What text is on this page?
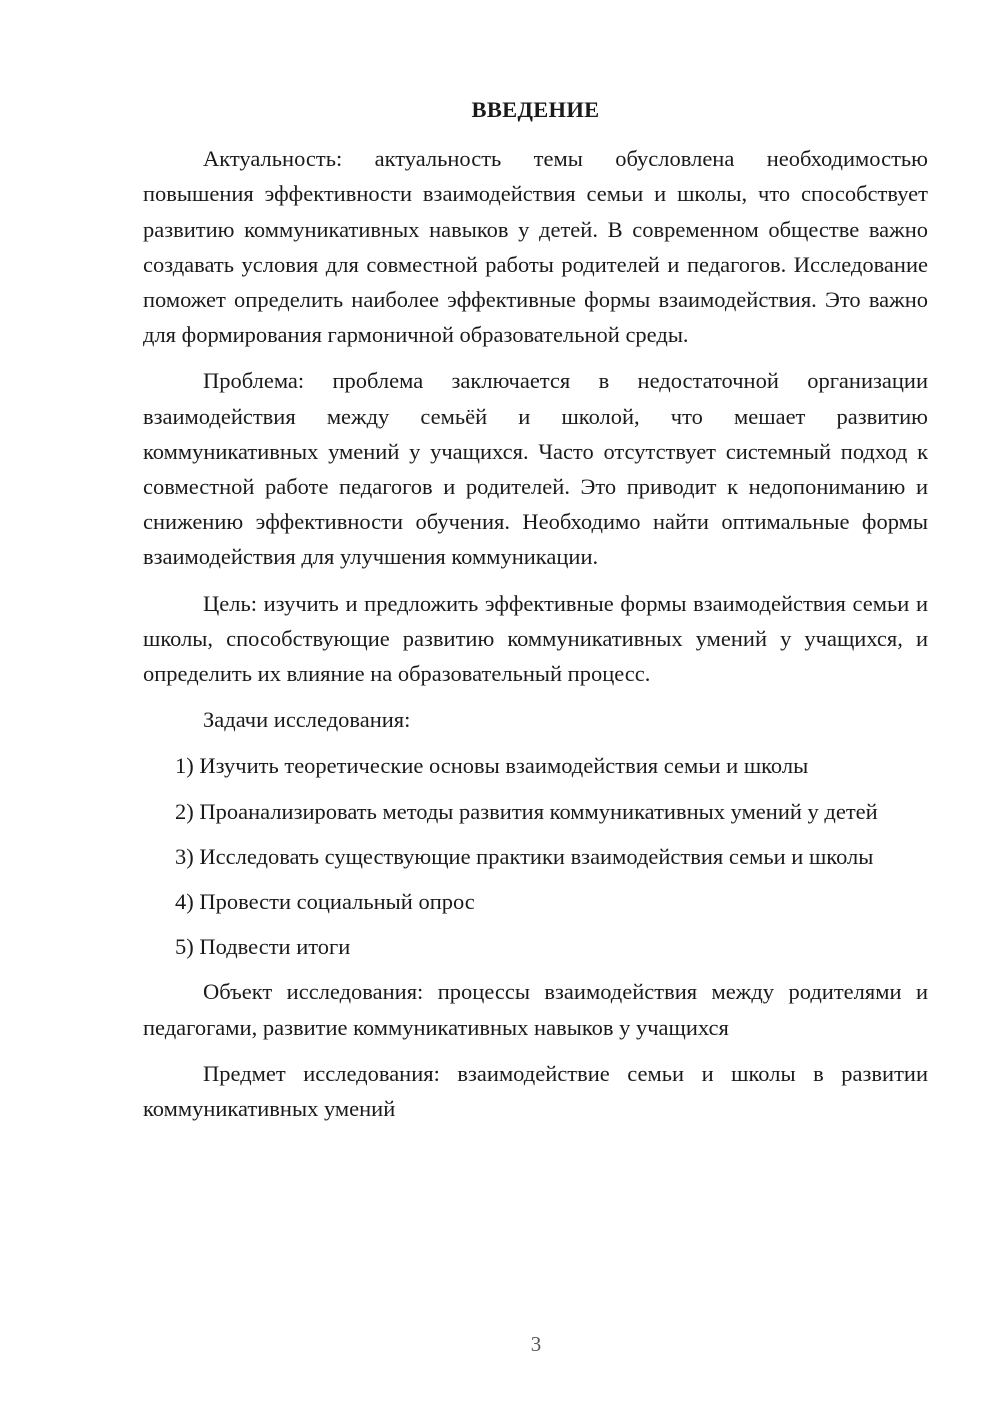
ВВЕДЕНИЕ

Актуальность: актуальность темы обусловлена необходимостью повышения эффективности взаимодействия семьи и школы, что способствует развитию коммуникативных навыков у детей. В современном обществе важно создавать условия для совместной работы родителей и педагогов. Исследование поможет определить наиболее эффективные формы взаимодействия. Это важно для формирования гармоничной образовательной среды.

Проблема: проблема заключается в недостаточной организации взаимодействия между семьёй и школой, что мешает развитию коммуникативных умений у учащихся. Часто отсутствует системный подход к совместной работе педагогов и родителей. Это приводит к недопониманию и снижению эффективности обучения. Необходимо найти оптимальные формы взаимодействия для улучшения коммуникации.

Цель: изучить и предложить эффективные формы взаимодействия семьи и школы, способствующие развитию коммуникативных умений у учащихся, и определить их влияние на образовательный процесс.

Задачи исследования:

1) Изучить теоретические основы взаимодействия семьи и школы

2) Проанализировать методы развития коммуникативных умений у детей

3) Исследовать существующие практики взаимодействия семьи и школы

4) Провести социальный опрос

5) Подвести итоги

Объект исследования: процессы взаимодействия между родителями и педагогами, развитие коммуникативных навыков у учащихся

Предмет исследования: взаимодействие семьи и школы в развитии коммуникативных умений

3
